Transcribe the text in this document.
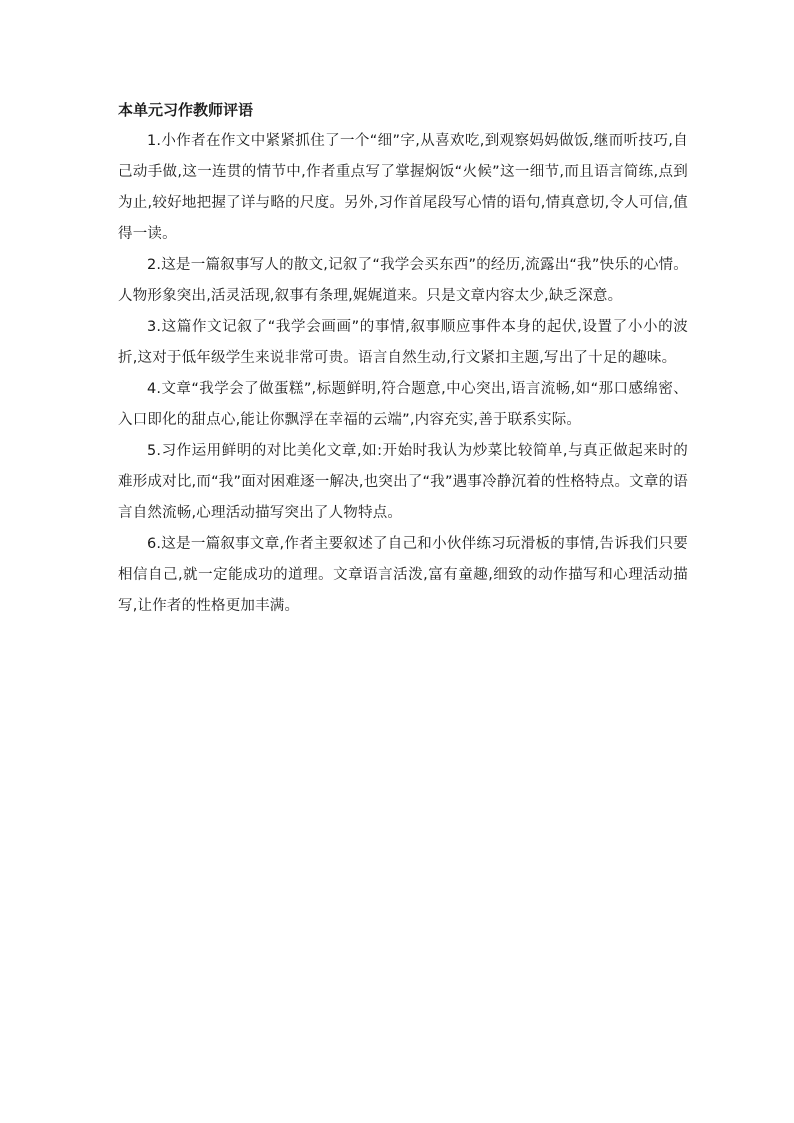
本单元习作教师评语

1.小作者在作文中紧紧抓住了一个“细”字,从喜欢吃,到观察妈妈做饭,继而听技巧,自己动手做,这一连贯的情节中,作者重点写了掌握焖饭“火候”这一细节,而且语言简练,点到为止,较好地把握了详与略的尺度。另外,习作首尾段写心情的语句,情真意切,令人可信,值得一读。

2.这是一篇叙事写人的散文,记叙了“我学会买东西”的经历,流露出“我”快乐的心情。人物形象突出,活灵活现,叙事有条理,娓娓道来。只是文章内容太少,缺乏深意。

3.这篇作文记叙了“我学会画画”的事情,叙事顺应事件本身的起伏,设置了小小的波折,这对于低年级学生来说非常可贵。语言自然生动,行文紧扣主题,写出了十足的趣味。

4.文章“我学会了做蛋糕”,标题鲜明,符合题意,中心突出,语言流畅,如“那口感绵密、入口即化的甜点心,能让你飘浮在幸福的云端”,内容充实,善于联系实际。

5.习作运用鲜明的对比美化文章,如:开始时我认为炒菜比较简单,与真正做起来时的难形成对比,而“我”面对困难逐一解决,也突出了“我”遇事冷静沉着的性格特点。文章的语言自然流畅,心理活动描写突出了人物特点。

6.这是一篇叙事文章,作者主要叙述了自己和小伙伴练习玩滑板的事情,告诉我们只要相信自己,就一定能成功的道理。文章语言活泼,富有童趣,细致的动作描写和心理活动描写,让作者的性格更加丰满。
